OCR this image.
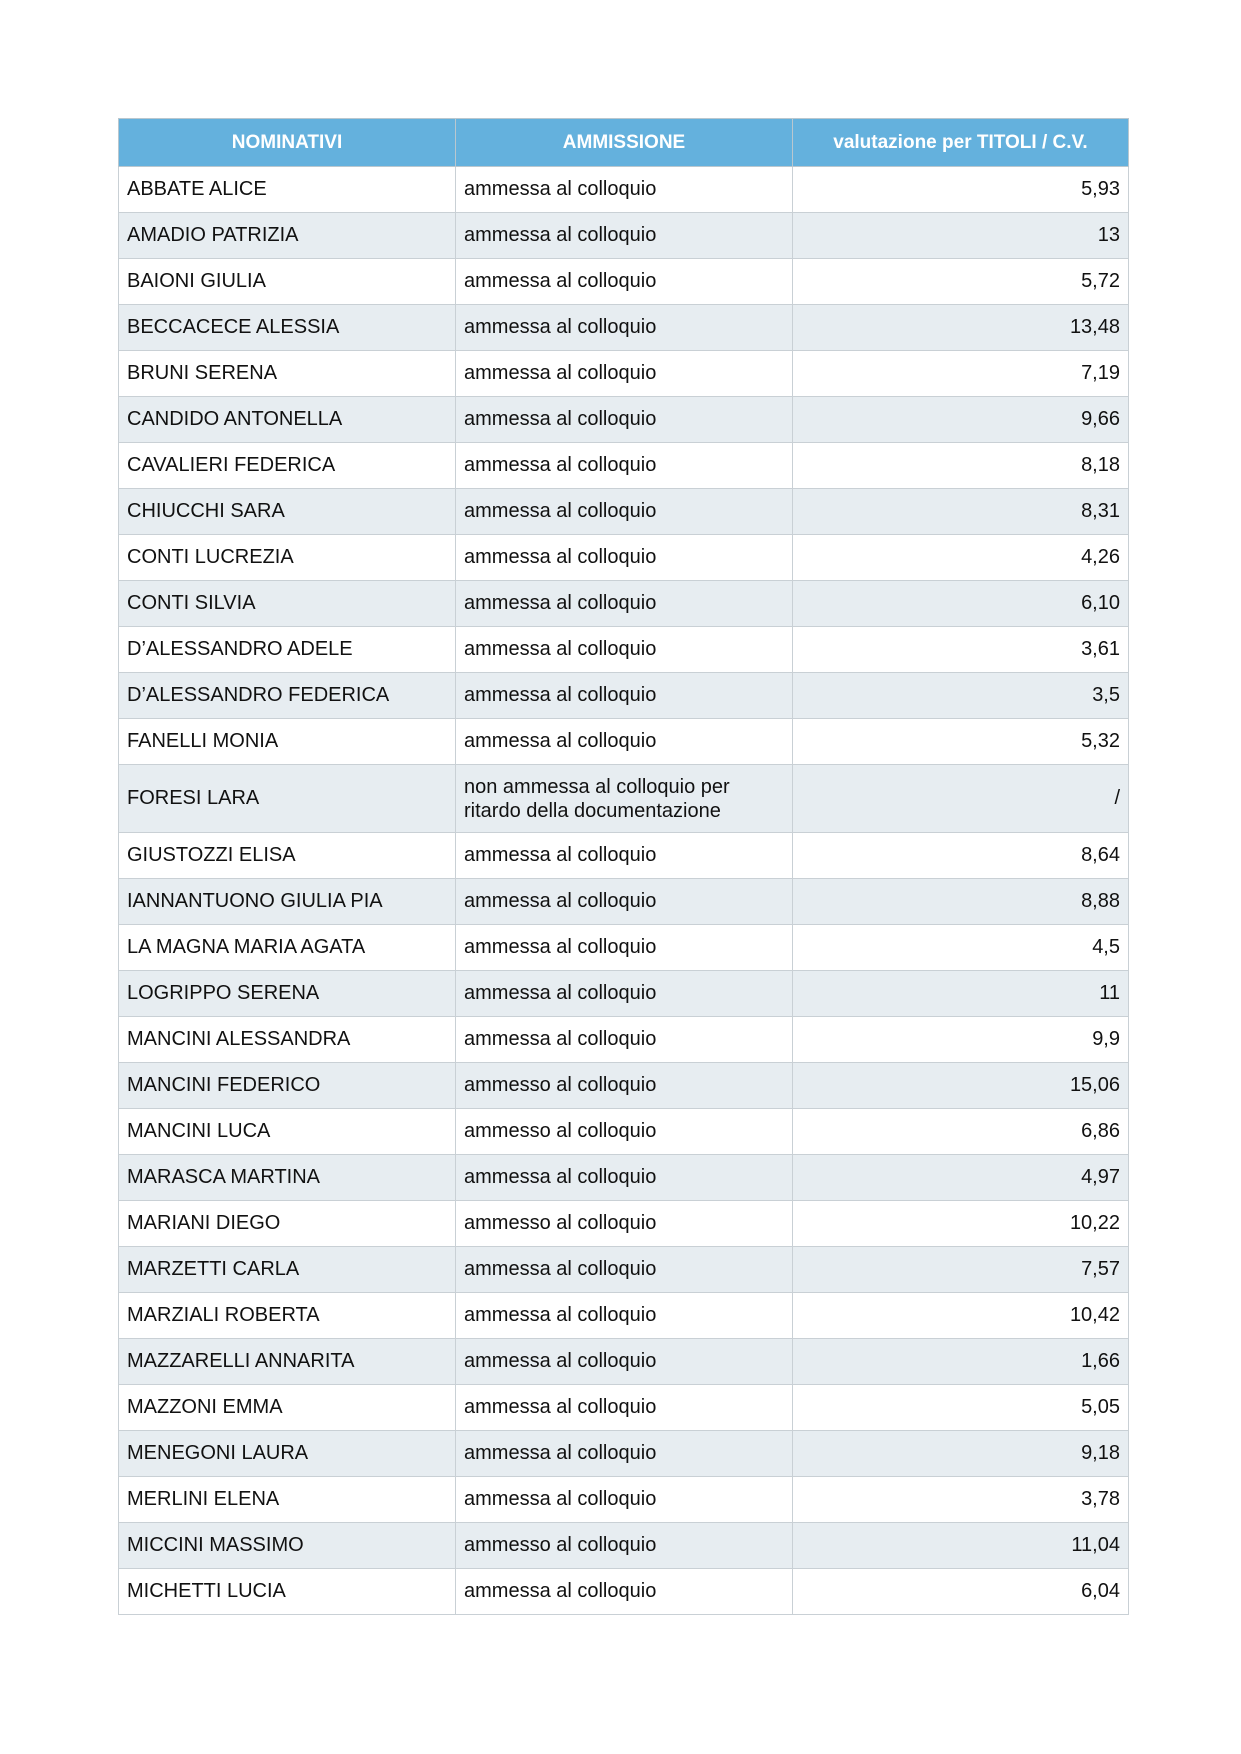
NOMINATIVI	AMMISSIONE	valutazione per TITOLI / C.V.
ABBATE ALICE	ammessa al colloquio	5,93
AMADIO PATRIZIA	ammessa al colloquio	13
BAIONI GIULIA	ammessa al colloquio	5,72
BECCACECE ALESSIA	ammessa al colloquio	13,48
BRUNI SERENA	ammessa al colloquio	7,19
CANDIDO ANTONELLA	ammessa al colloquio	9,66
CAVALIERI FEDERICA	ammessa al colloquio	8,18
CHIUCCHI SARA	ammessa al colloquio	8,31
CONTI LUCREZIA	ammessa al colloquio	4,26
CONTI SILVIA	ammessa al colloquio	6,10
D’ALESSANDRO ADELE	ammessa al colloquio	3,61
D’ALESSANDRO FEDERICA	ammessa al colloquio	3,5
FANELLI MONIA	ammessa al colloquio	5,32
FORESI LARA	non ammessa al colloquio per ritardo della documentazione	/
GIUSTOZZI ELISA	ammessa al colloquio	8,64
IANNANTUONO GIULIA PIA	ammessa al colloquio	8,88
LA MAGNA MARIA AGATA	ammessa al colloquio	4,5
LOGRIPPO SERENA	ammessa al colloquio	11
MANCINI ALESSANDRA	ammessa al colloquio	9,9
MANCINI FEDERICO	ammesso al colloquio	15,06
MANCINI LUCA	ammesso al colloquio	6,86
MARASCA MARTINA	ammessa al colloquio	4,97
MARIANI DIEGO	ammesso al colloquio	10,22
MARZETTI CARLA	ammessa al colloquio	7,57
MARZIALI ROBERTA	ammessa al colloquio	10,42
MAZZARELLI ANNARITA	ammessa al colloquio	1,66
MAZZONI EMMA	ammessa al colloquio	5,05
MENEGONI LAURA	ammessa al colloquio	9,18
MERLINI ELENA	ammessa al colloquio	3,78
MICCINI MASSIMO	ammesso al colloquio	11,04
MICHETTI LUCIA	ammessa al colloquio	6,04
